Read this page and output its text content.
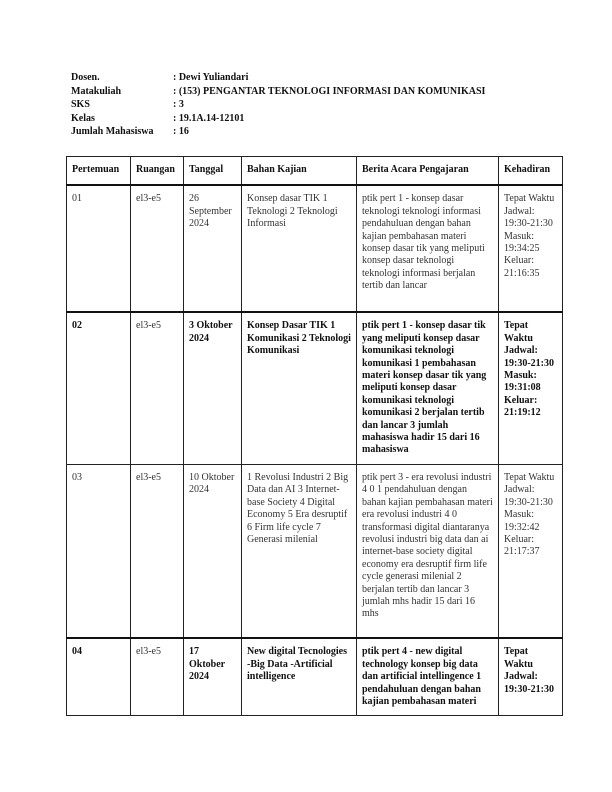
Dosen.	: Dewi Yuliandari
Matakuliah	: (153) PENGANTAR TEKNOLOGI INFORMASI DAN KOMUNIKASI
SKS	: 3
Kelas	: 19.1A.14-12101
Jumlah Mahasiswa	: 16
Pertemuan	Ruangan	Tanggal	Bahan Kajian	Berita Acara Pengajaran	Kehadiran
01	el3-e5	26 September 2024	Konsep dasar TIK 1 Teknologi 2 Teknologi Informasi	ptik pert 1 - konsep dasar teknologi teknologi informasi pendahuluan dengan bahan kajian pembahasan materi konsep dasar tik yang meliputi konsep dasar teknologi teknologi informasi berjalan tertib dan lancar	Tepat Waktu Jadwal: 19:30-21:30 Masuk: 19:34:25 Keluar: 21:16:35
02	el3-e5	3 Oktober 2024	Konsep Dasar TIK 1 Komunikasi 2 Teknologi Komunikasi	ptik pert 1 - konsep dasar tik yang meliputi konsep dasar komunikasi teknologi komunikasi 1 pembahasan materi konsep dasar tik yang meliputi konsep dasar komunikasi teknologi komunikasi 2 berjalan tertib dan lancar 3 jumlah mahasiswa hadir 15 dari 16 mahasiswa	Tepat Waktu Jadwal: 19:30-21:30 Masuk: 19:31:08 Keluar: 21:19:12
03	el3-e5	10 Oktober 2024	1 Revolusi Industri 2 Big Data dan AI 3 Internet-base Society 4 Digital Economy 5 Era desruptif 6 Firm life cycle 7 Generasi milenial	ptik pert 3 - era revolusi industri 4 0 1 pendahuluan dengan bahan kajian pembahasan materi era revolusi industri 4 0 transformasi digital diantaranya revolusi industri big data dan ai internet-base society digital economy era desruptif firm life cycle generasi milenial 2 berjalan tertib dan lancar 3 jumlah mhs hadir 15 dari 16 mhs	Tepat Waktu Jadwal: 19:30-21:30 Masuk: 19:32:42 Keluar: 21:17:37
04	el3-e5	17 Oktober 2024	New digital Tecnologies -Big Data -Artificial intelligence	ptik pert 4 - new digital technology konsep big data dan artificial intellingence 1 pendahuluan dengan bahan kajian pembahasan materi	Tepat Waktu Jadwal: 19:30-21:30
